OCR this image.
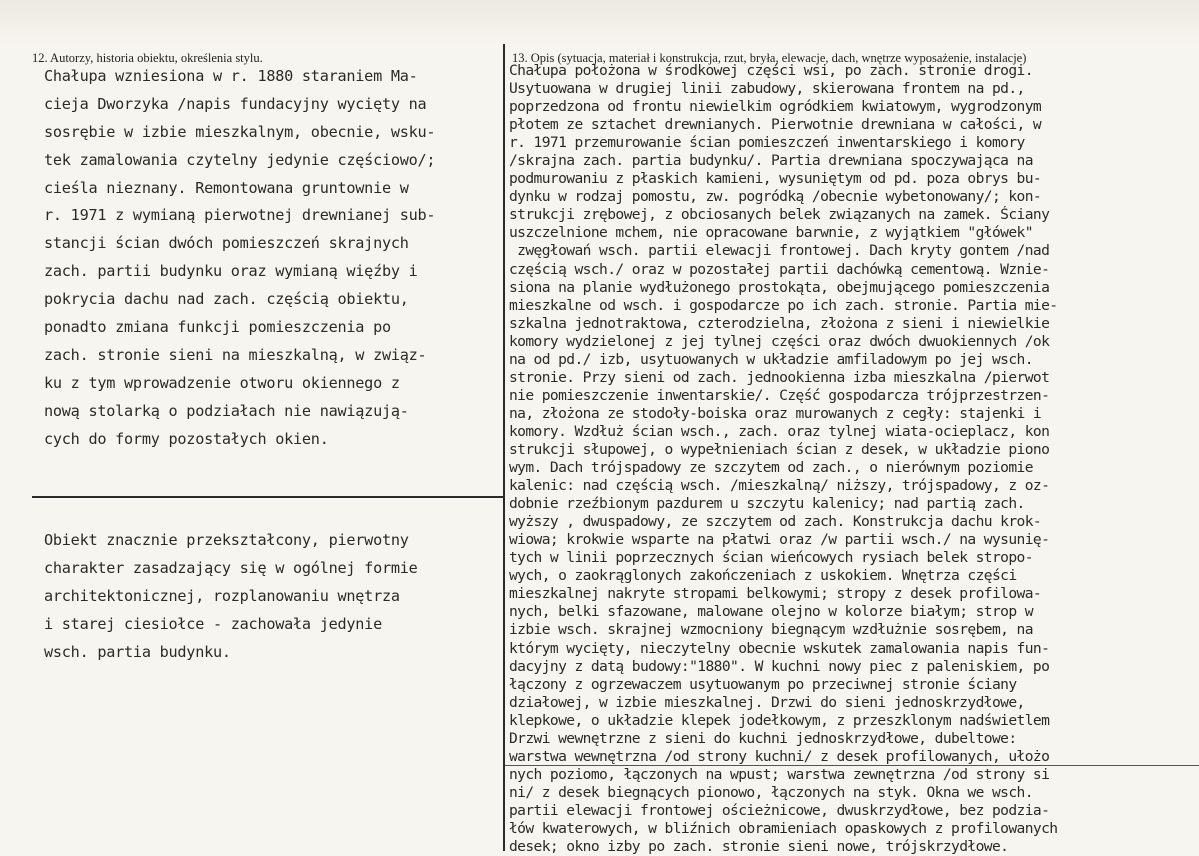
12. Autorzy, historia obiektu, określenia stylu.	13. Opis (sytuacja, materiał i konstrukcja, rzut, bryła, elewacje, dach, wnętrze wyposażenie, instalacje)
Chałupa wzniesiona w r. 1880 staraniem Ma-
cieja Dworzyka /napis fundacyjny wycięty na
sosrębie w izbie mieszkalnym, obecnie, wsku-
tek zamalowania czytelny jedynie częściowo/;
cieśla nieznany. Remontowana gruntownie w
r. 1971 z wymianą pierwotnej drewnianej sub-
stancji ścian dwóch pomieszczeń skrajnych
zach. partii budynku oraz wymianą więźby i
pokrycia dachu nad zach. częścią obiektu,
ponadto zmiana funkcji pomieszczenia po
zach. stronie sieni na mieszkalną, w związ-
ku z tym wprowadzenie otworu okiennego z
nową stolarką o podziałach nie nawiązują-
cych do formy pozostałych okien.
Obiekt znacznie przekształcony, pierwotny
charakter zasadzający się w ogólnej formie
architektonicznej, rozplanowaniu wnętrza
i starej ciesiołce - zachowała jedynie
wsch. partia budynku.
Chałupa położona w środkowej części wsi, po zach. stronie drogi.
Usytuowana w drugiej linii zabudowy, skierowana frontem na pd.,
poprzedzona od frontu niewielkim ogródkiem kwiatowym, wygrodzonym
płotem ze sztachet drewnianych. Pierwotnie drewniana w całości, w
r. 1971 przemurowanie ścian pomieszczeń inwentarskiego i komory
/skrajna zach. partia budynku/. Partia drewniana spoczywająca na
podmurowaniu z płaskich kamieni, wysuniętym od pd. poza obrys bu-
dynku w rodzaj pomostu, zw. pogródką /obecnie wybetonowany/; kon-
strukcji zrębowej, z obciosanych belek związanych na zamek. Ściany
uszczelnione mchem, nie opracowane barwnie, z wyjątkiem "główek"
zwęgłowań wsch. partii elewacji frontowej. Dach kryty gontem /nad
częścią wsch./ oraz w pozostałej partii dachówką cementową. Wznie-
siona na planie wydłużonego prostokąta, obejmującego pomieszczenia
mieszkalne od wsch. i gospodarcze po ich zach. stronie. Partia mie-
szkalna jednotraktowa, czterodzielna, złożona z sieni i niewielkie
komory wydzielonej z jej tylnej części oraz dwóch dwuokiennych /ok
na od pd./ izb, usytuowanych w układzie amfiladowym po jej wsch.
stronie. Przy sieni od zach. jednookienna izba mieszkalna /pierwot
nie pomieszczenie inwentarskie/. Część gospodarcza trójprzestrzen-
na, złożona ze stodoły-boiska oraz murowanych z cegły: stajenki i
komory. Wzdłuż ścian wsch., zach. oraz tylnej wiata-ocieplacz, kon
strukcji słupowej, o wypełnieniach ścian z desek, w układzie piono
wym. Dach trójspadowy ze szczytem od zach., o nierównym poziomie
kalenic: nad częścią wsch. /mieszkalną/ niższy, trójspadowy, z oz-
dobnie rzeźbionym pazdurem u szczytu kalenicy; nad partią zach.
wyższy , dwuspadowy, ze szczytem od zach. Konstrukcja dachu krok-
wiowa; krokwie wsparte na płatwi oraz /w partii wsch./ na wysunię-
tych w linii poprzecznych ścian wieńcowych rysiach belek stropo-
wych, o zaokrąglonych zakończeniach z uskokiem. Wnętrza części
mieszkalnej nakryte stropami belkowymi; stropy z desek profilowa-
nych, belki sfazowane, malowane olejno w kolorze białym; strop w
izbie wsch. skrajnej wzmocniony biegnącym wzdłużnie sosrębem, na
którym wycięty, nieczytelny obecnie wskutek zamalowania napis fun-
dacyjny z datą budowy:"1880". W kuchni nowy piec z paleniskiem, po
łączony z ogrzewaczem usytuowanym po przeciwnej stronie ściany
działowej, w izbie mieszkalnej. Drzwi do sieni jednoskrzydłowe,
klepkowe, o układzie klepek jodełkowym, z przeszklonym nadświetlem
Drzwi wewnętrzne z sieni do kuchni jednoskrzydłowe, dubeltowe:
warstwa wewnętrzna /od strony kuchni/ z desek profilowanych, ułożo
nych poziomo, łączonych na wpust; warstwa zewnętrzna /od strony si
ni/ z desek biegnących pionowo, łączonych na styk. Okna we wsch.
partii elewacji frontowej ościeżnicowe, dwuskrzydłowe, bez podzia-
łów kwaterowych, w bliźnich obramieniach opaskowych z profilowanych
desek; okno izby po zach. stronie sieni nowe, trójskrzydłowe.
